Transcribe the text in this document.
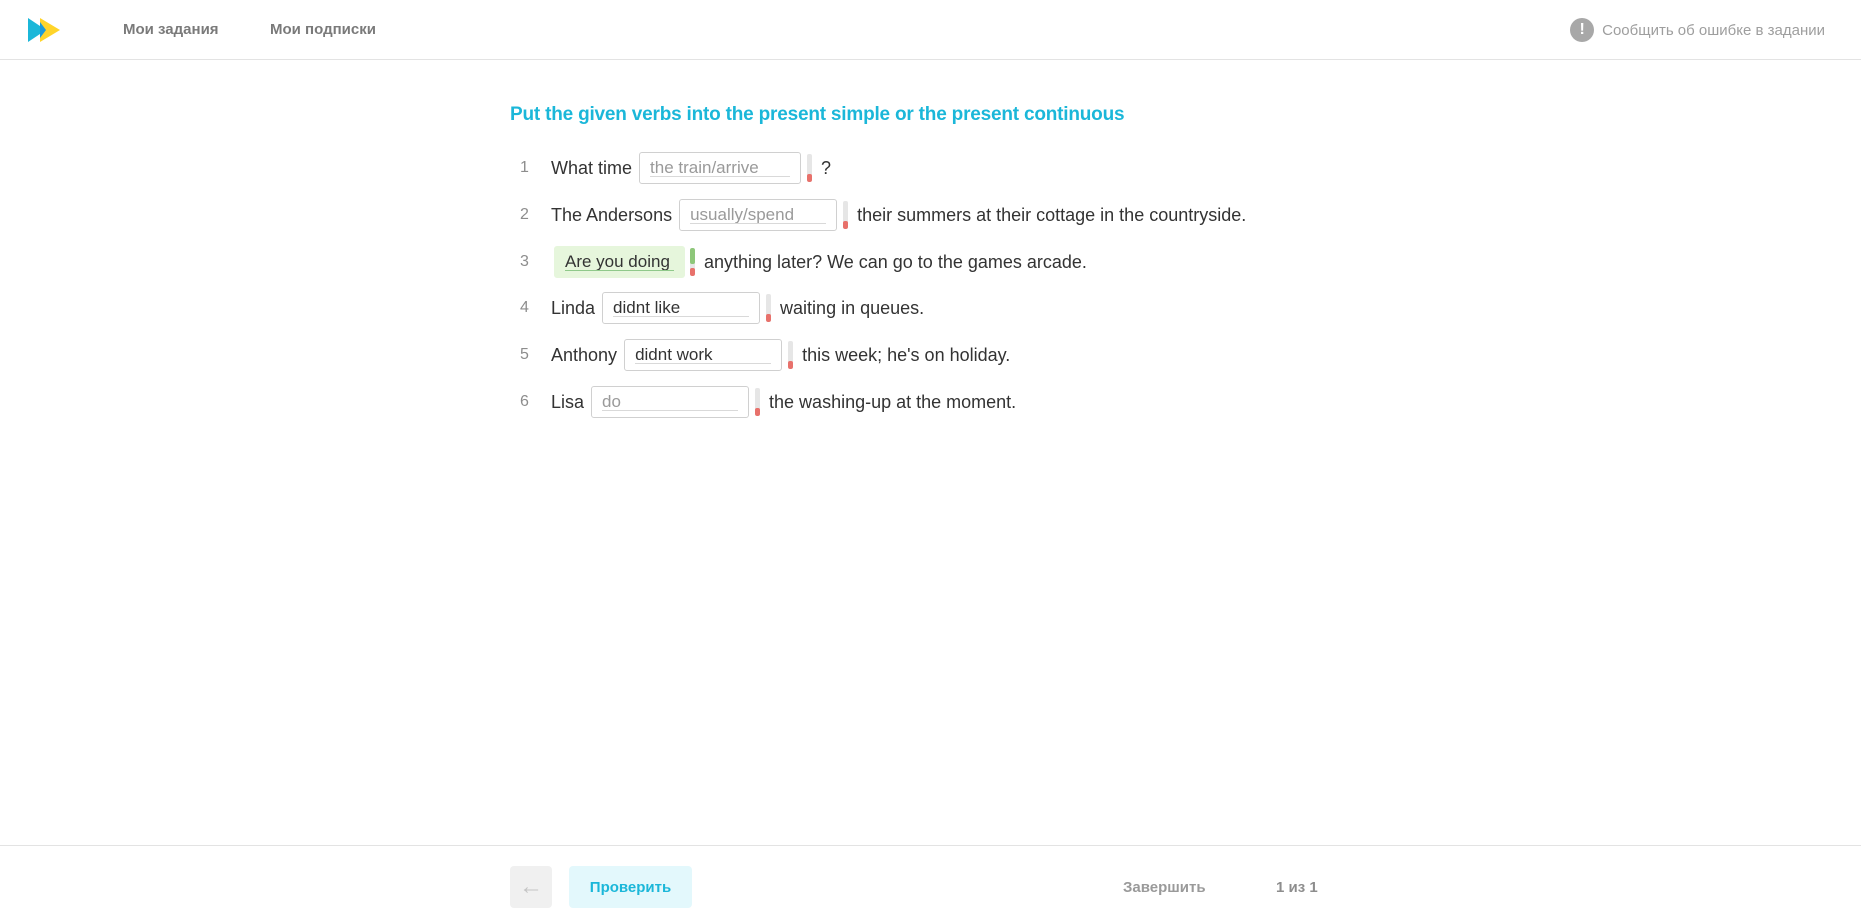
Мои задания	Мои подписки	!	Сообщить об ошибке в задании
Put the given verbs into the present simple or the present continuous
1	What time the train/arrive	?
2	The Andersons usually/spend	their summers at their cottage in the countryside.
3	Are you doing anything later? We can go to the games arcade.
4	Linda didnt like	waiting in queues.
5	Anthony didnt work	this week; he's on holiday.
6	Lisa do	the washing-up at the moment.
←	Проверить	Завершить	1 из 1
